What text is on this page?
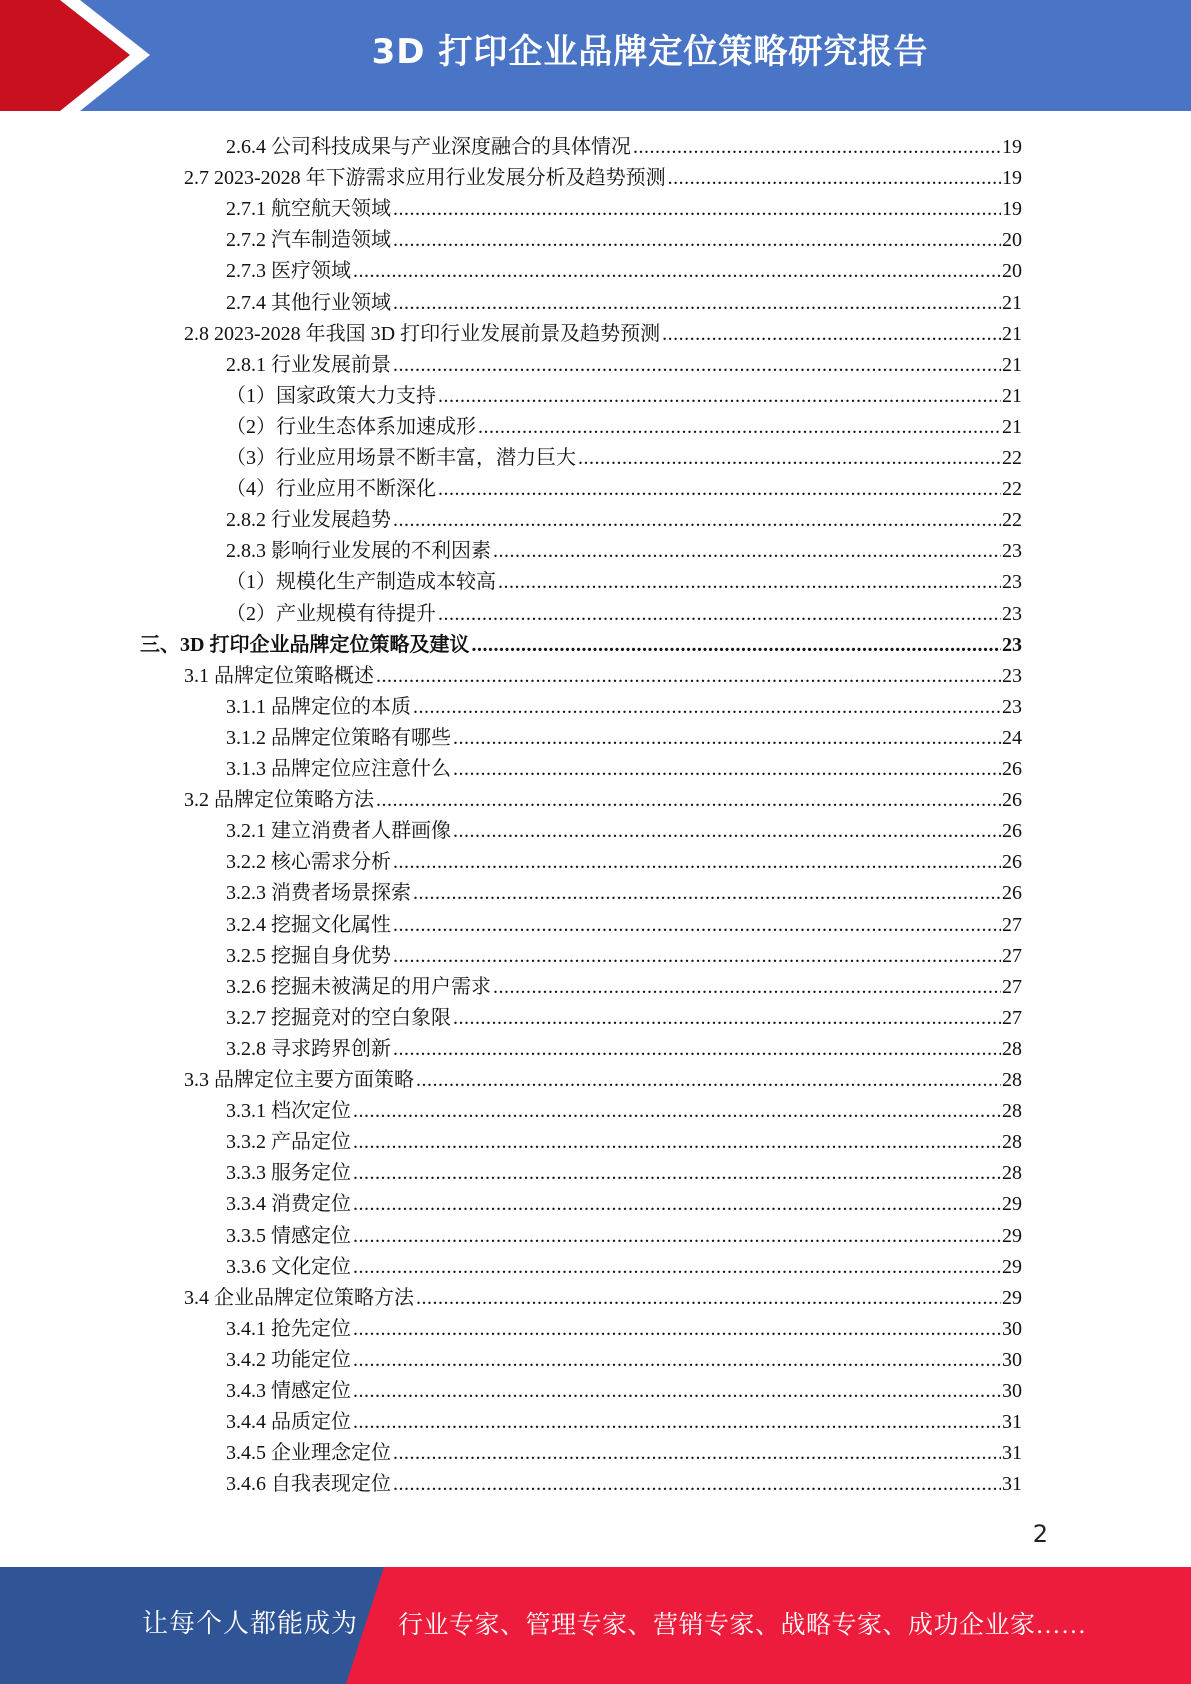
3D 打印企业品牌定位策略研究报告
2.6.4 公司科技成果与产业深度融合的具体情况 .....	19
2.7 2023-2028 年下游需求应用行业发展分析及趋势预测 .....	19
2.7.1 航空航天领域 .....	19
2.7.2 汽车制造领域 .....	20
2.7.3 医疗领域 .....	20
2.7.4 其他行业领域 .....	21
2.8 2023-2028 年我国 3D 打印行业发展前景及趋势预测 .....	21
2.8.1 行业发展前景 .....	21
（1）国家政策大力支持 .....	21
（2）行业生态体系加速成形 .....	21
（3）行业应用场景不断丰富，潜力巨大 .....	22
（4）行业应用不断深化 .....	22
2.8.2 行业发展趋势 .....	22
2.8.3 影响行业发展的不利因素 .....	23
（1）规模化生产制造成本较高 .....	23
（2）产业规模有待提升 .....	23
三、3D 打印企业品牌定位策略及建议 .....	23
3.1 品牌定位策略概述 .....	23
3.1.1 品牌定位的本质 .....	23
3.1.2 品牌定位策略有哪些 .....	24
3.1.3 品牌定位应注意什么 .....	26
3.2 品牌定位策略方法 .....	26
3.2.1 建立消费者人群画像 .....	26
3.2.2 核心需求分析 .....	26
3.2.3 消费者场景探索 .....	26
3.2.4 挖掘文化属性 .....	27
3.2.5 挖掘自身优势 .....	27
3.2.6 挖掘未被满足的用户需求 .....	27
3.2.7 挖掘竞对的空白象限 .....	27
3.2.8 寻求跨界创新 .....	28
3.3 品牌定位主要方面策略 .....	28
3.3.1 档次定位 .....	28
3.3.2 产品定位 .....	28
3.3.3 服务定位 .....	28
3.3.4 消费定位 .....	29
3.3.5 情感定位 .....	29
3.3.6 文化定位 .....	29
3.4 企业品牌定位策略方法 .....	29
3.4.1 抢先定位 .....	30
3.4.2 功能定位 .....	30
3.4.3 情感定位 .....	30
3.4.4 品质定位 .....	31
3.4.5 企业理念定位 .....	31
3.4.6 自我表现定位 .....	31
2
让每个人都能成为 行业专家、管理专家、营销专家、战略专家、成功企业家……
